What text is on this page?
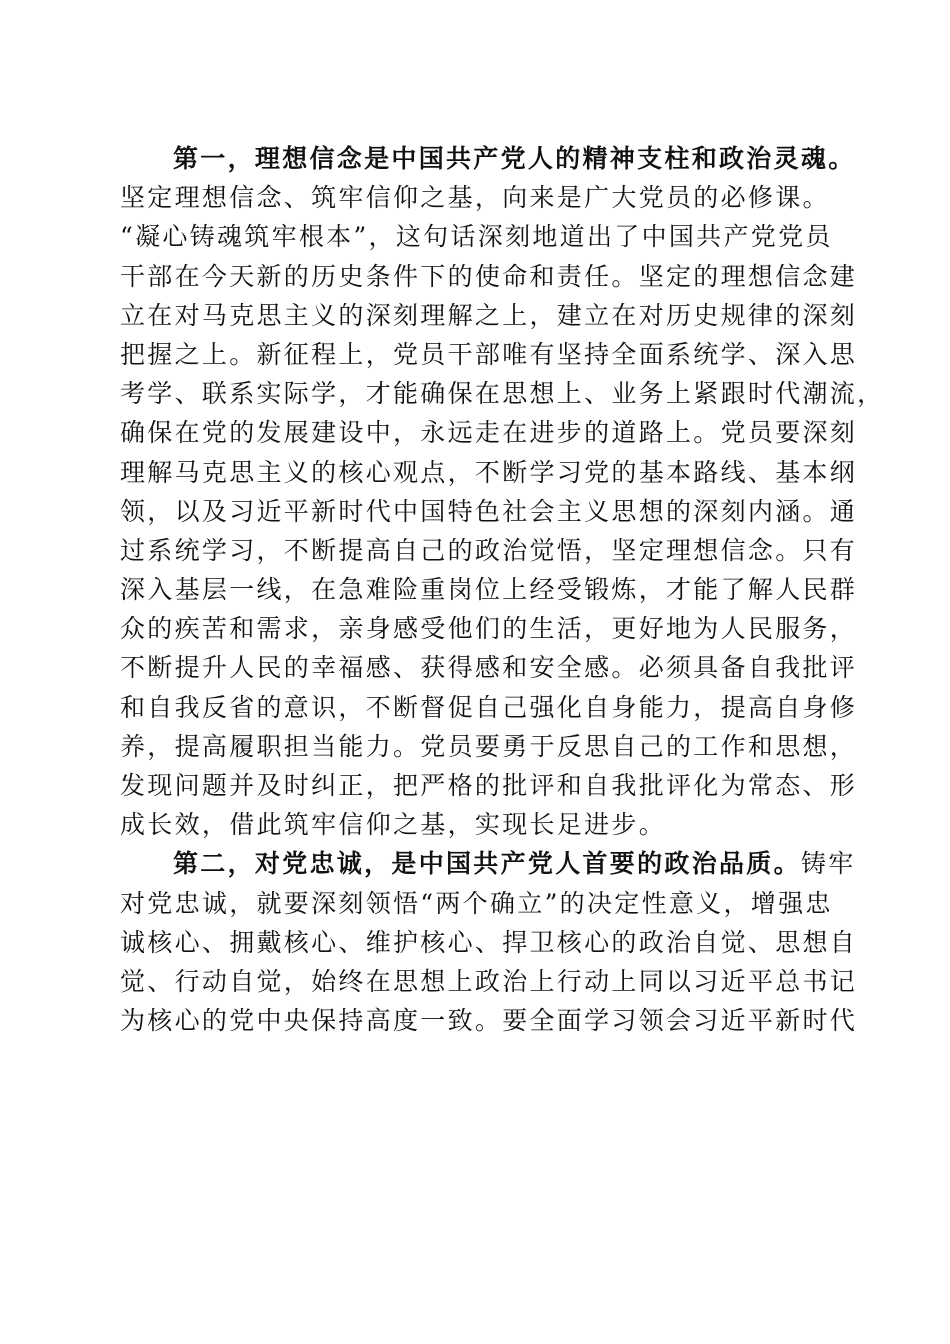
第一，理想信念是中国共产党人的精神支柱和政治灵魂。
坚定理想信念、筑牢信仰之基，向来是广大党员的必修课。
“凝心铸魂筑牢根本”，这句话深刻地道出了中国共产党党员
干部在今天新的历史条件下的使命和责任。坚定的理想信念建
立在对马克思主义的深刻理解之上，建立在对历史规律的深刻
把握之上。新征程上，党员干部唯有坚持全面系统学、深入思
考学、联系实际学，才能确保在思想上、业务上紧跟时代潮流，
确保在党的发展建设中，永远走在进步的道路上。党员要深刻
理解马克思主义的核心观点，不断学习党的基本路线、基本纲
领，以及习近平新时代中国特色社会主义思想的深刻内涵。通
过系统学习，不断提高自己的政治觉悟，坚定理想信念。只有
深入基层一线，在急难险重岗位上经受锻炼，才能了解人民群
众的疾苦和需求，亲身感受他们的生活，更好地为人民服务，
不断提升人民的幸福感、获得感和安全感。必须具备自我批评
和自我反省的意识，不断督促自己强化自身能力，提高自身修
养，提高履职担当能力。党员要勇于反思自己的工作和思想，
发现问题并及时纠正，把严格的批评和自我批评化为常态、形
成长效，借此筑牢信仰之基，实现长足进步。
第二，对党忠诚，是中国共产党人首要的政治品质。铸牢
对党忠诚，就要深刻领悟“两个确立”的决定性意义，增强忠
诚核心、拥戴核心、维护核心、捍卫核心的政治自觉、思想自
觉、行动自觉，始终在思想上政治上行动上同以习近平总书记
为核心的党中央保持高度一致。要全面学习领会习近平新时代
